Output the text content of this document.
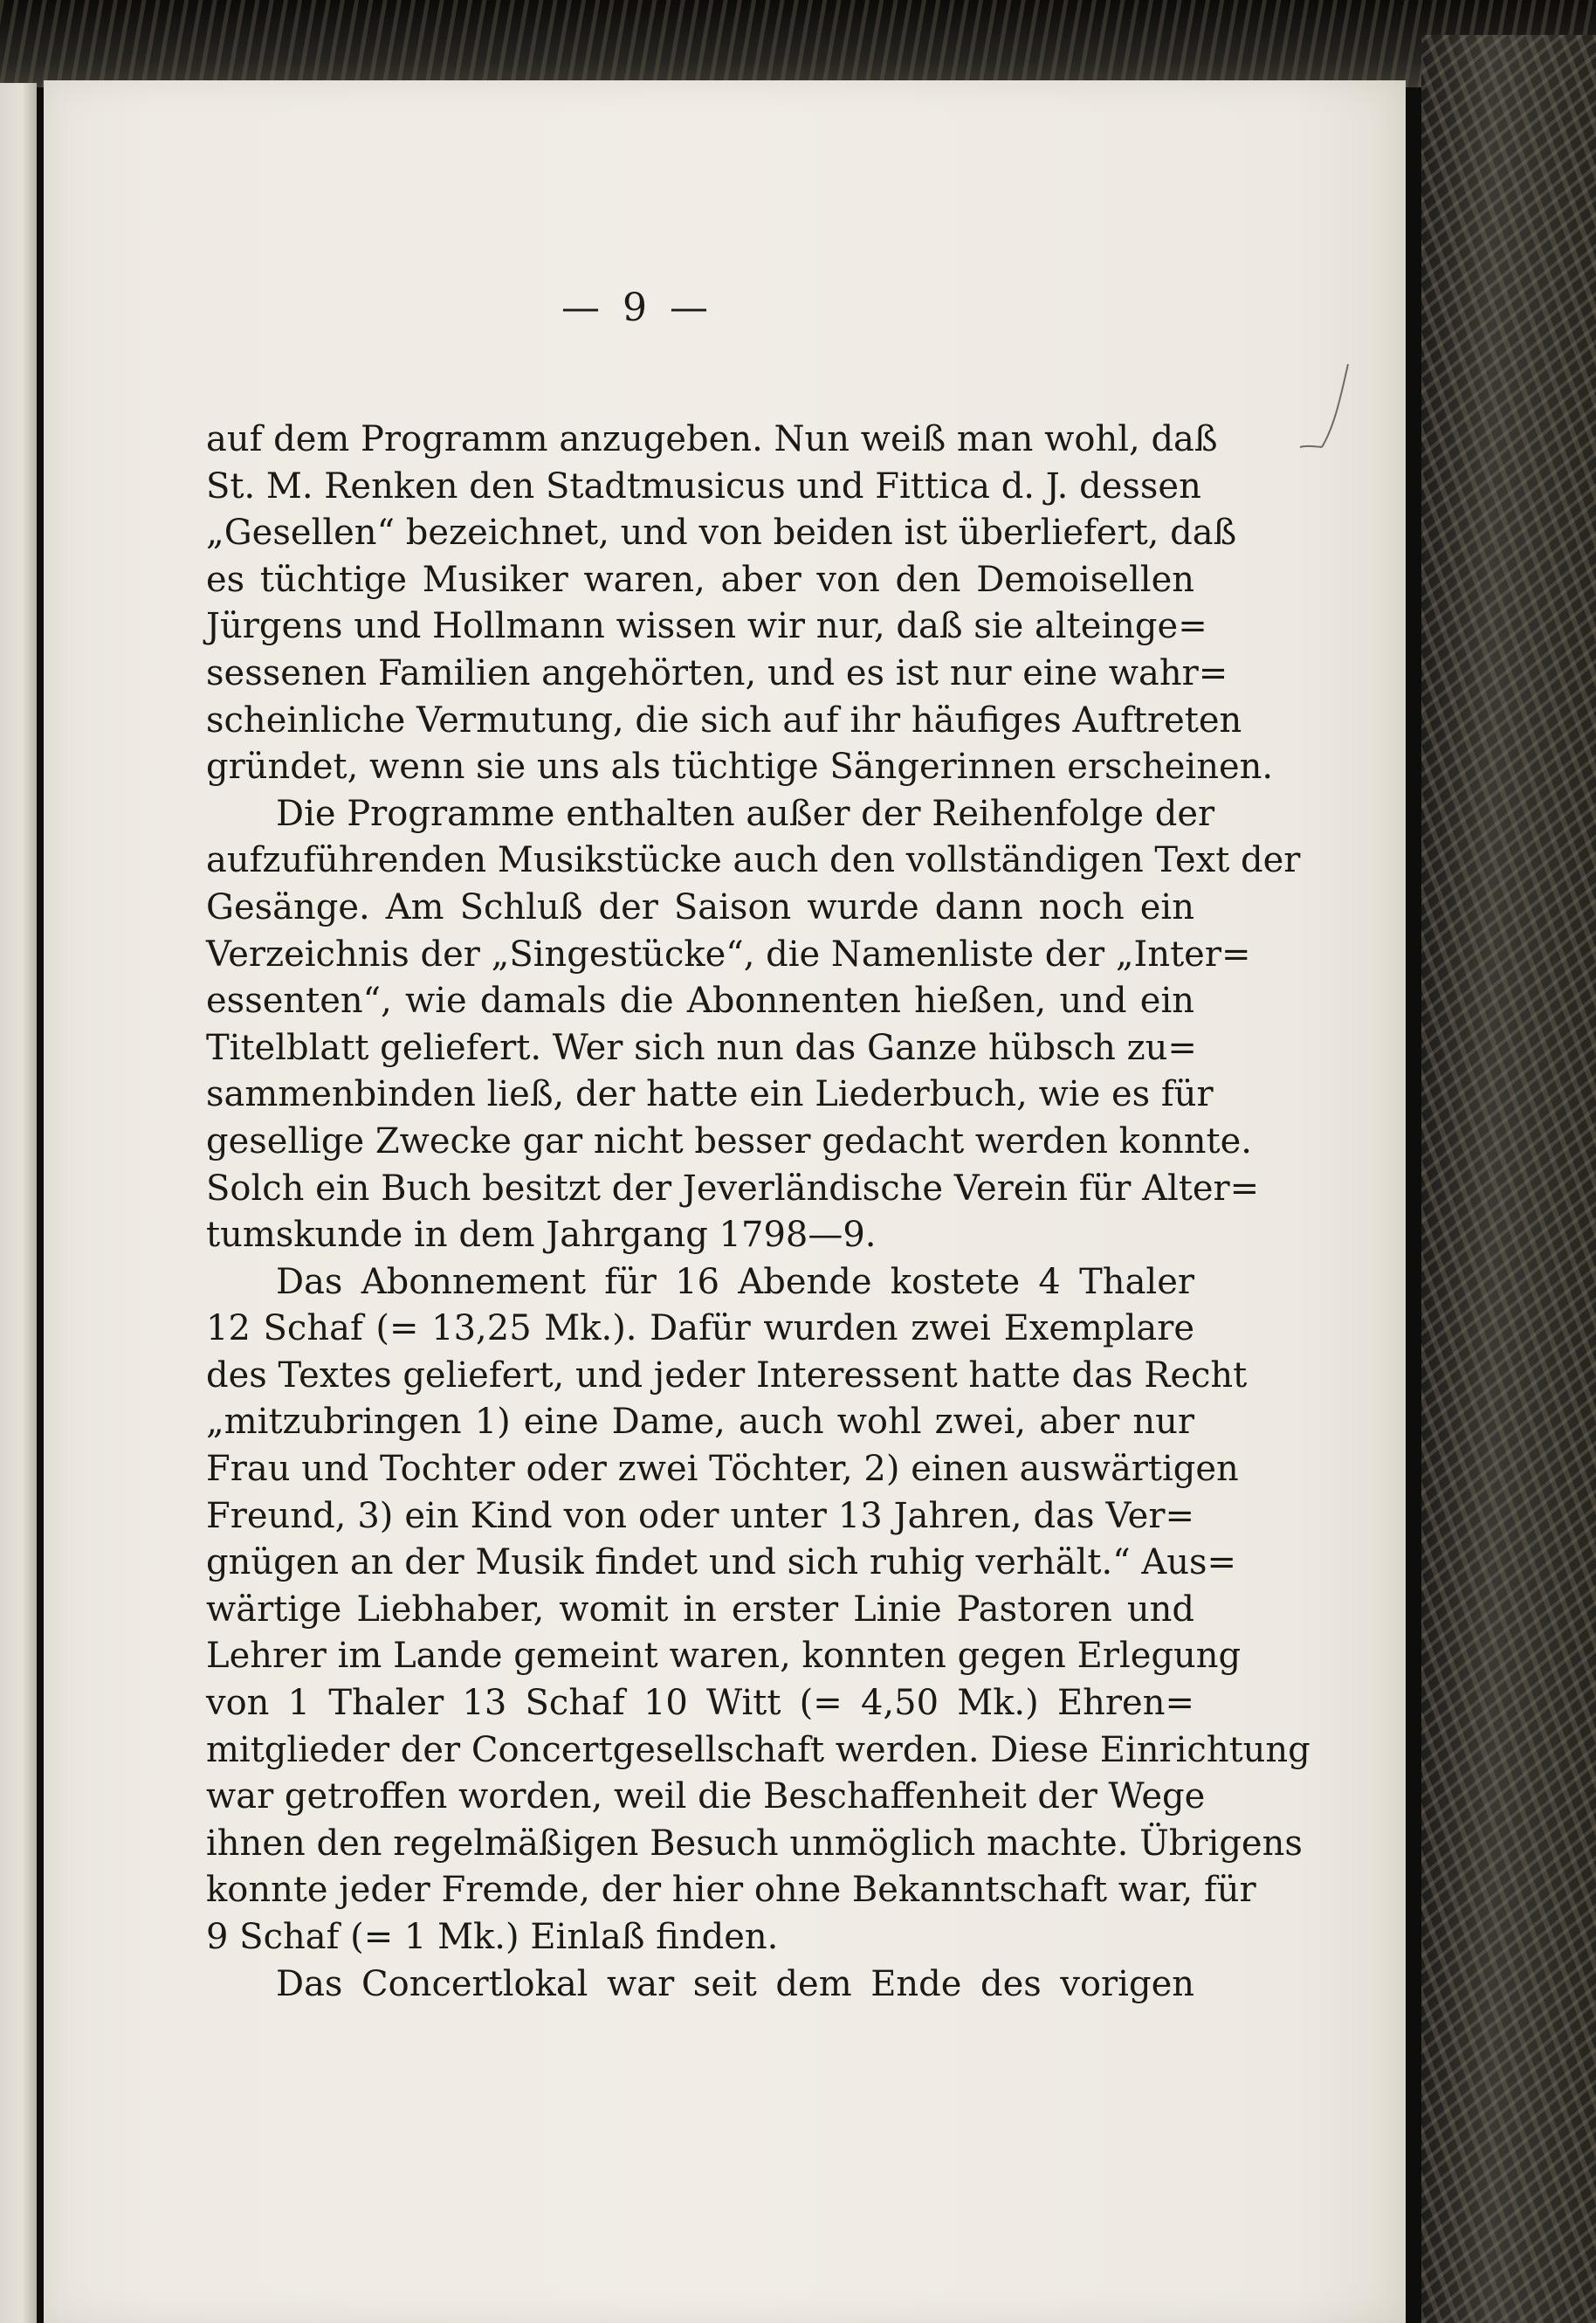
— 9 —
auf dem Programm anzugeben. Nun weiß man wohl, daß
St. M. Renken den Stadtmusicus und Fittica d. J. dessen
„Gesellen“ bezeichnet, und von beiden ist überliefert, daß
es tüchtige Musiker waren, aber von den Demoisellen
Jürgens und Hollmann wissen wir nur, daß sie alteinge=
sessenen Familien angehörten, und es ist nur eine wahr=
scheinliche Vermutung, die sich auf ihr häufiges Auftreten
gründet, wenn sie uns als tüchtige Sängerinnen erscheinen.
Die Programme enthalten außer der Reihenfolge der
aufzuführenden Musikstücke auch den vollständigen Text der
Gesänge. Am Schluß der Saison wurde dann noch ein
Verzeichnis der „Singestücke“, die Namenliste der „Inter=
essenten“, wie damals die Abonnenten hießen, und ein
Titelblatt geliefert. Wer sich nun das Ganze hübsch zu=
sammenbinden ließ, der hatte ein Liederbuch, wie es für
gesellige Zwecke gar nicht besser gedacht werden konnte.
Solch ein Buch besitzt der Jeverländische Verein für Alter=
tumskunde in dem Jahrgang 1798—9.
Das Abonnement für 16 Abende kostete 4 Thaler
12 Schaf (= 13,25 Mk.). Dafür wurden zwei Exemplare
des Textes geliefert, und jeder Interessent hatte das Recht
„mitzubringen 1) eine Dame, auch wohl zwei, aber nur
Frau und Tochter oder zwei Töchter, 2) einen auswärtigen
Freund, 3) ein Kind von oder unter 13 Jahren, das Ver=
gnügen an der Musik findet und sich ruhig verhält.“ Aus=
wärtige Liebhaber, womit in erster Linie Pastoren und
Lehrer im Lande gemeint waren, konnten gegen Erlegung
von 1 Thaler 13 Schaf 10 Witt (= 4,50 Mk.) Ehren=
mitglieder der Concertgesellschaft werden. Diese Einrichtung
war getroffen worden, weil die Beschaffenheit der Wege
ihnen den regelmäßigen Besuch unmöglich machte. Übrigens
konnte jeder Fremde, der hier ohne Bekanntschaft war, für
9 Schaf (= 1 Mk.) Einlaß finden.
Das Concertlokal war seit dem Ende des vorigen
